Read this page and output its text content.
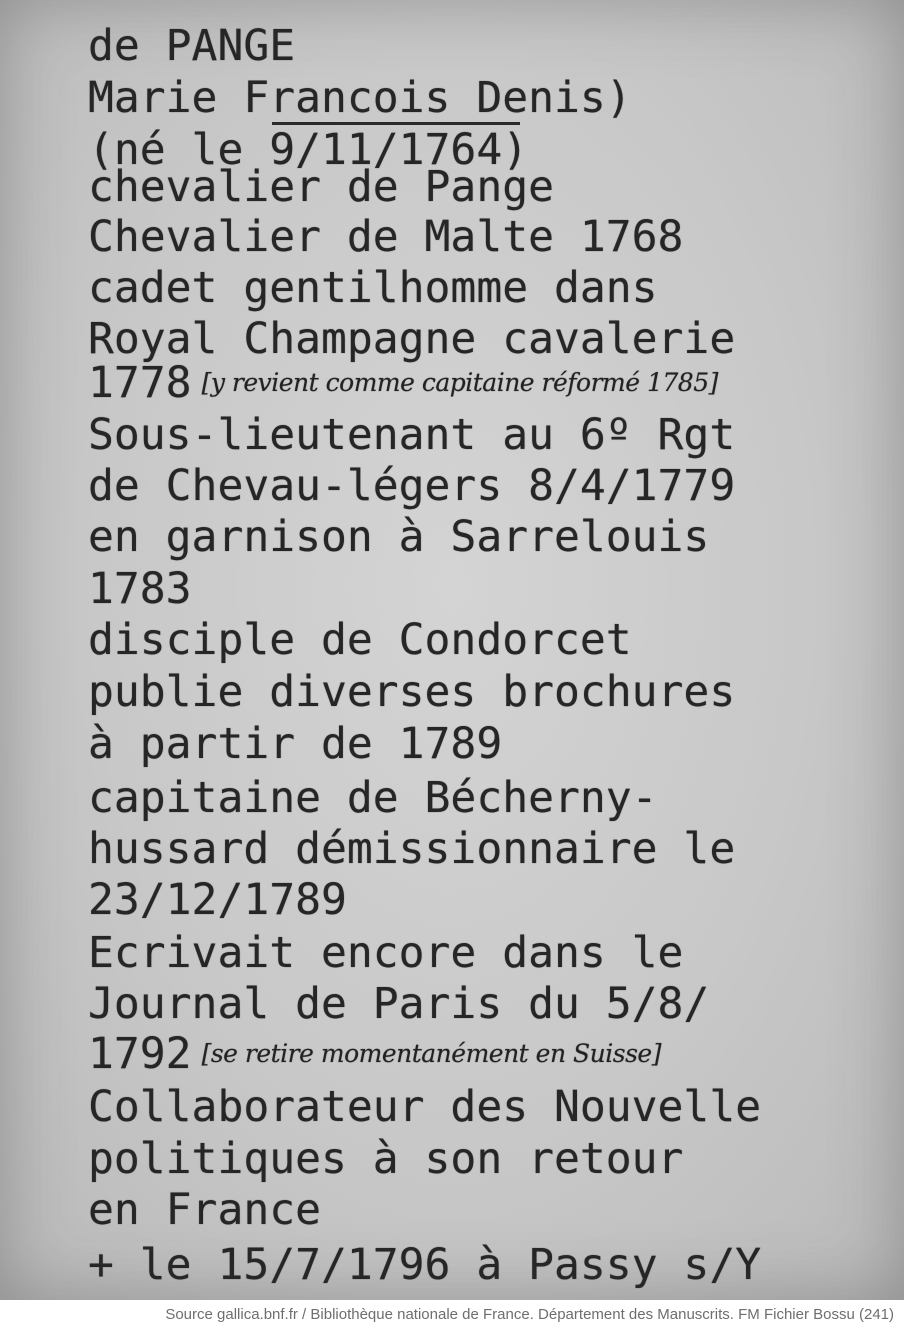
de PANGE
Marie Francois Denis)
(né le 9/11/1764)
chevalier de Pange
Chevalier de Malte 1768
cadet gentilhomme dans
Royal Champagne cavalerie
1778 [y revient comme capitaine réformé 1785]
Sous-lieutenant au 6º Rgt
de Chevau-légers 8/4/1779
en garnison à Sarrelouis
1783
disciple de Condorcet
publie diverses brochures
à partir de 1789
capitaine de Bécherny-
hussard démissionnaire le
23/12/1789
Ecrivait encore dans le
Journal de Paris du 5/8/
1792 [se retire momentanément en Suisse]
Collaborateur des Nouvelle
politiques à son retour
en France
+ le 15/7/1796 à Passy s/Y
Source gallica.bnf.fr / Bibliothèque nationale de France. Département des Manuscrits. FM Fichier Bossu (241)
